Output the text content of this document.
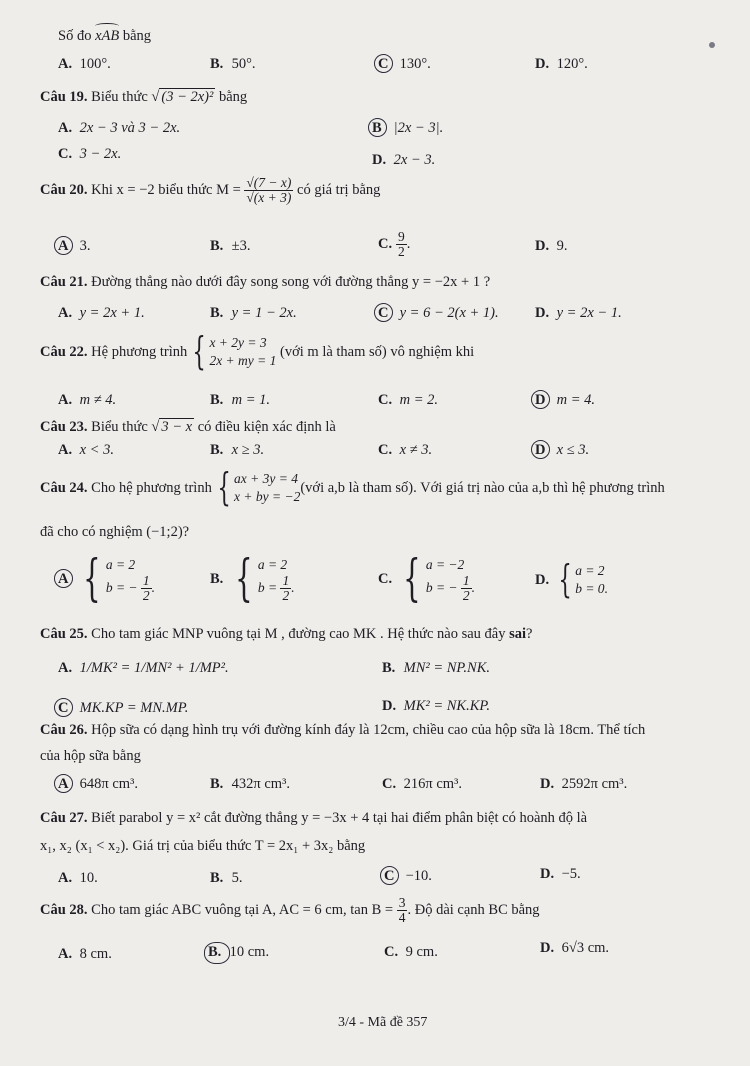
Số đo xAB bằng
A. 100°.	B. 50°.	C 130°.	D. 120°.
Câu 19. Biểu thức √ (3 − 2x)² bằng
A. 2x − 3 và 3 − 2x.	B |2x − 3|.
C. 3 − 2x.	D. 2x − 3.
Câu 20.
Khi x = −2 biểu thức M =
$\frac{√(7 - x)}{√(x + 3)}$
có giá trị bằng
A 3.	B. ±3.	C. $\frac{9}{2}$ .	D. 9.
Câu 21. Đường thẳng nào dưới đây song song với đường thẳng y = −2x + 1 ?
A. y = 2x + 1.	B. y = 1 − 2x.	C y = 6 − 2(x + 1).	D. y = 2x − 1.
Câu 22.
Hệ phương trình { x + 2y = 3
2x + my = 1

(với m là tham số) vô nghiệm khi
A. m ≠ 4.	B. m = 1.	C. m = 2.	D m = 4.
Câu 23. Biểu thức √ 3 − x có điều kiện xác định là
A. x < 3.	B. x ≥ 3.	C. x ≠ 3.	D x ≤ 3.
Câu 24.
Cho hệ phương trình { ax + 3y = 4
x + by = −2
(với a,b là tham số). Với giá trị nào của a,b thì hệ phương trình
đã cho có nghiệm (−1;2)?
A { a = 2
b = − $\frac{1}{2}$ .
B. { a = 2
$b = \frac{1}{2}$ .
C. { a = −2
b = − $\frac{1}{2}$ .	D. { a = 2
b = 0.
Câu 25. Cho tam giác MNP vuông tại M , đường cao MK . Hệ thức nào sau đây sai?
A. 1/MK² = 1/MN² + 1/MP².	B. MN² = NP.NK.
C MK.KP = MN.MP.	D. MK² = NK.KP.
Câu 26. Hộp sữa có dạng hình trụ với đường kính đáy là 12cm, chiều cao của hộp sữa là 18cm. Thể tích
của hộp sữa bằng
A 648π cm³.	B. 432π cm³.	C. 216π cm³.	D. 2592π cm³.
Câu 27. Biết parabol y = x² cắt đường thẳng y = −3x + 4 tại hai điểm phân biệt có hoành độ là
x₁, x₂ (x₁ < x₂). Giá trị của biểu thức T = 2x₁ + 3x₂ bằng
A. 10.	B. 5.	C −10.	D. −5.
Câu 28.
Cho tam giác ABC vuông tại A, AC = 6 cm, tan B =
$\frac{3}{4}$ . Độ dài cạnh BC bằng
A. 8 cm.	B. 10 cm.	C. 9 cm.	D. 6√3 cm.
3/4 - Mã đề 357
